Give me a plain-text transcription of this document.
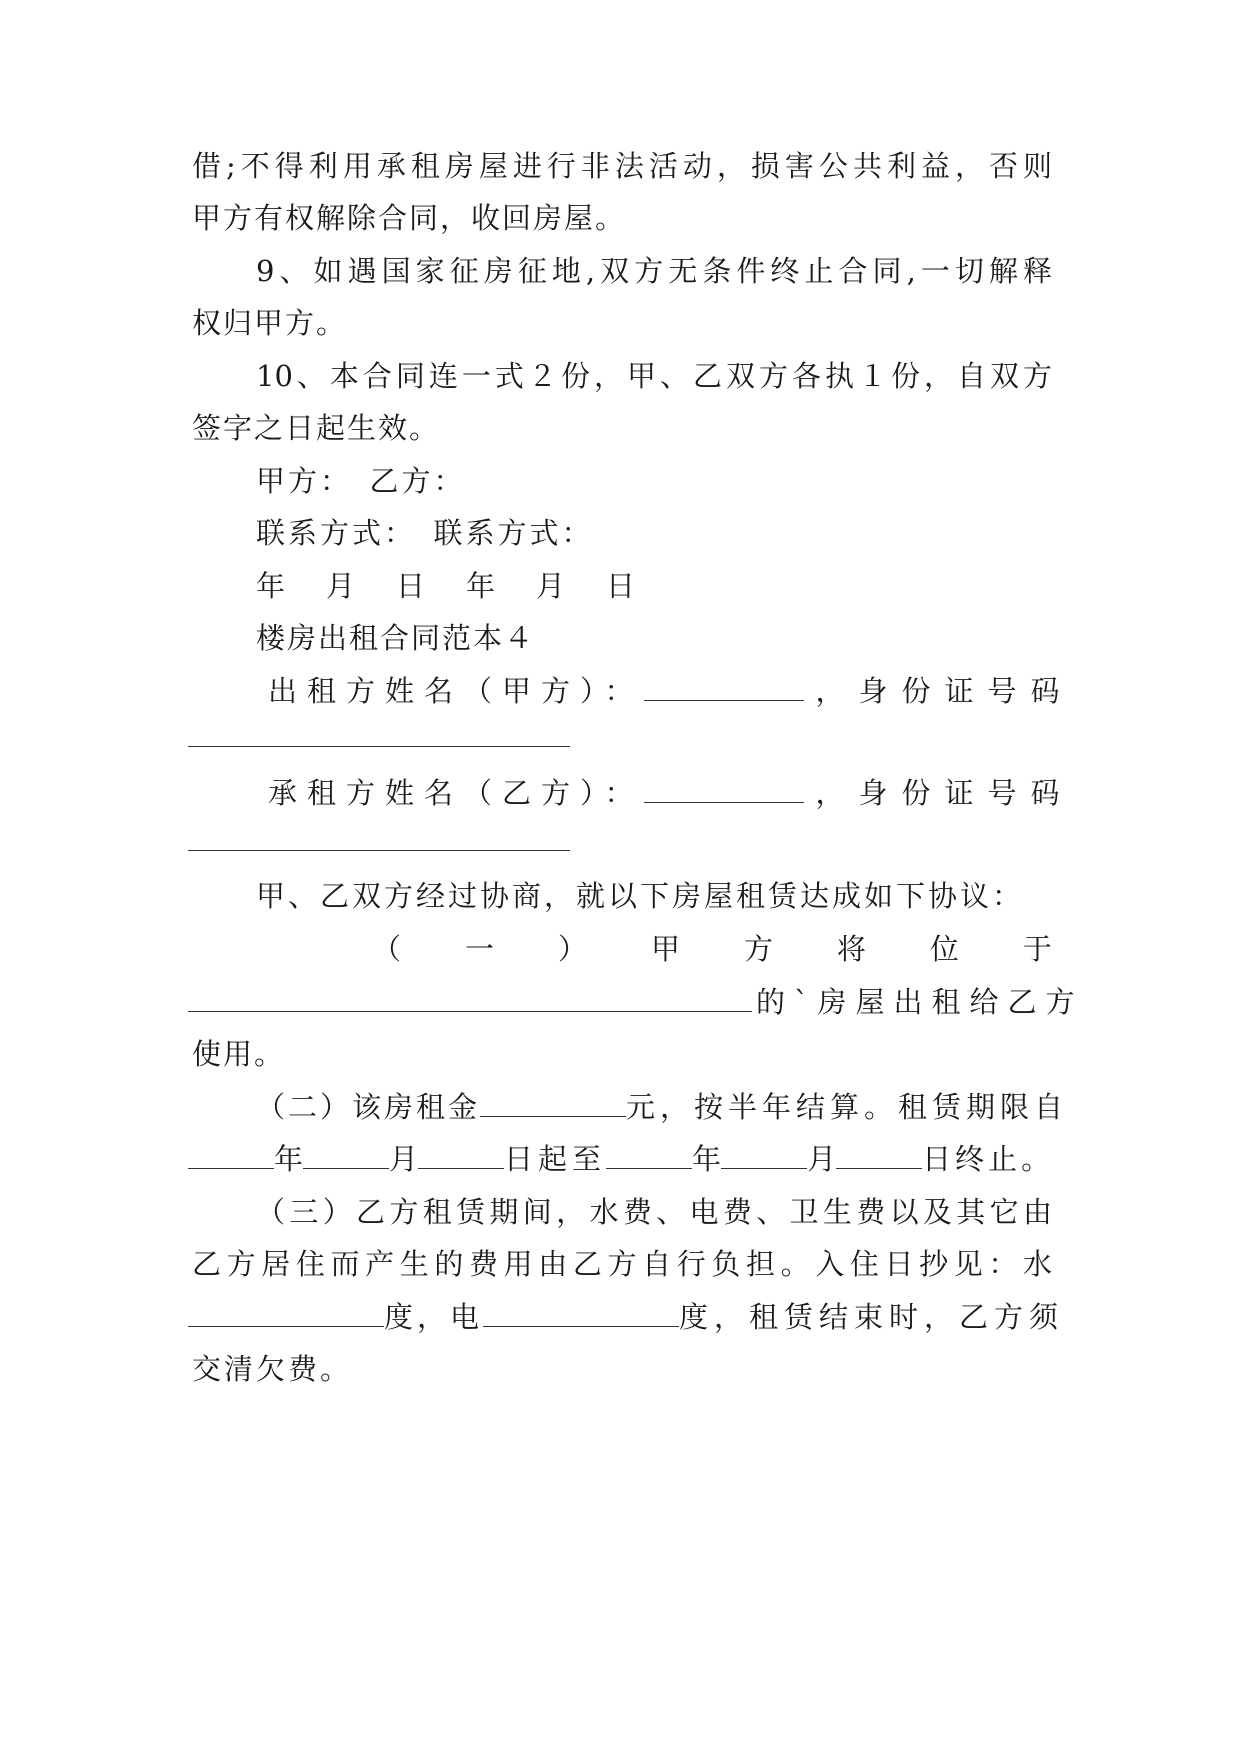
借;不得利用承租房屋进行非法活动，损害公共利益，否则
甲方有权解除合同，收回房屋。
9、如遇国家征房征地,双方无条件终止合同,一切解释
权归甲方。
10、本合同连一式２份，甲、乙双方各执１份，自双方
签字之日起生效。
甲方：　乙方：
联系方式：　联系方式：
年　月　日　年　月　日
楼房出租合同范本４
出租方姓名（甲方）：	，身份证号码
承租方姓名（乙方）：	，身份证号码
甲、乙双方经过协商，就以下房屋租赁达成如下协议：
（ 一 ） 甲 方 将 位 于
的`房屋出租给乙方
使用。
（二）该房租金	元，按半年结算。租赁期限自
年	月	日起至	年	月	日终止。
（三）乙方租赁期间，水费、电费、卫生费以及其它由
乙方居住而产生的费用由乙方自行负担。入住日抄见：水
度，电	度，租赁结束时，乙方须
交清欠费。
